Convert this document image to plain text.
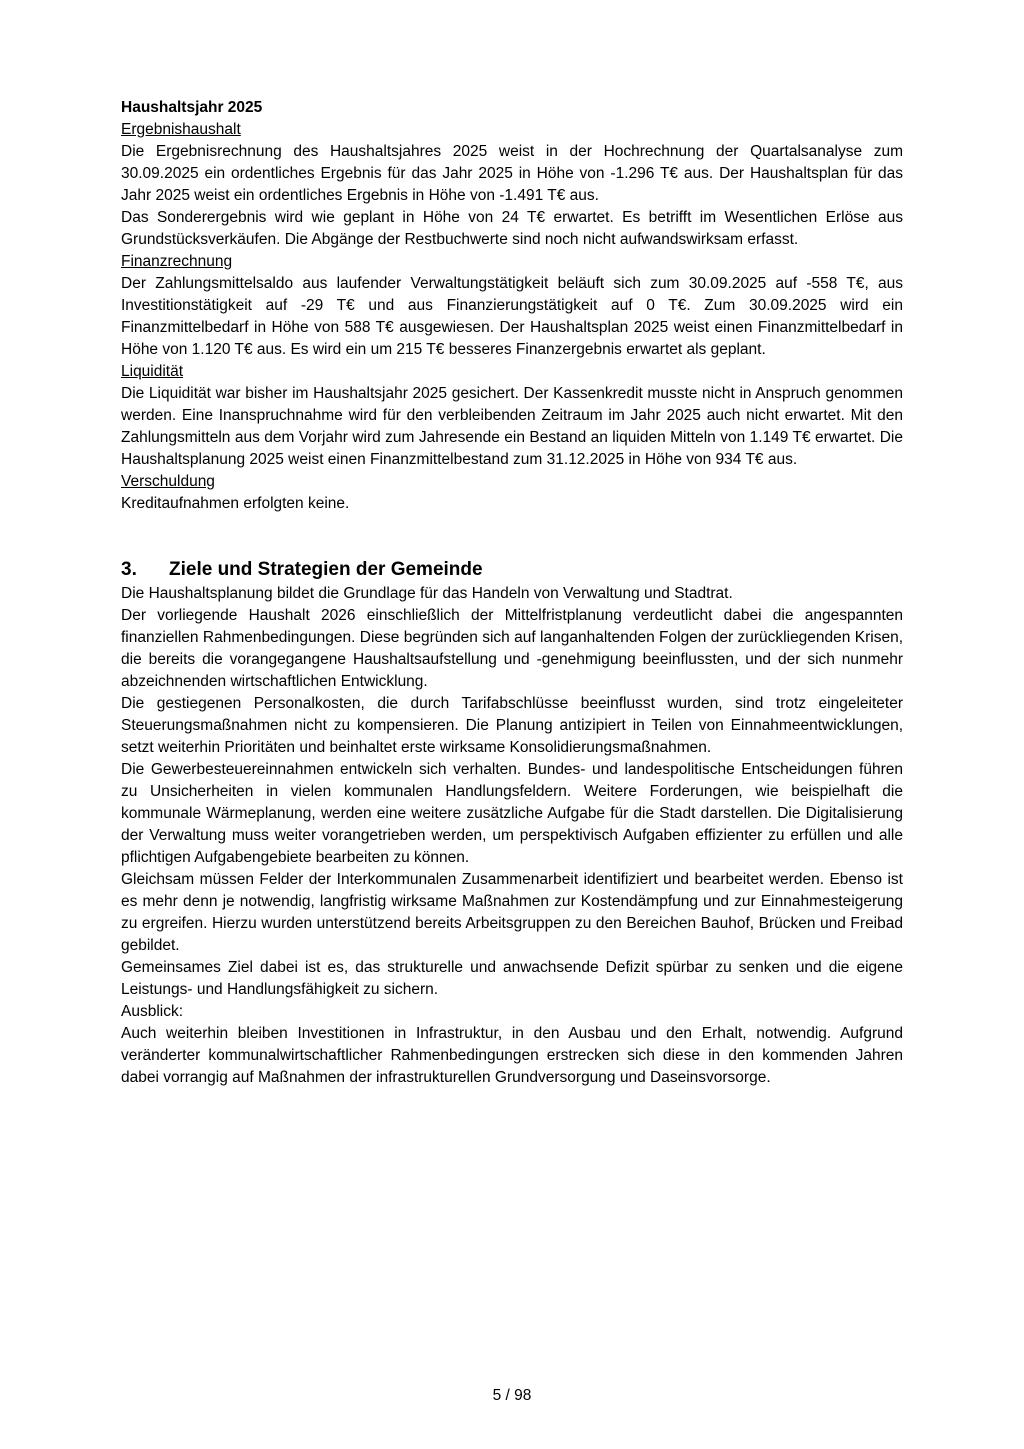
Haushaltsjahr 2025

Ergebnishaushalt

Die Ergebnisrechnung des Haushaltsjahres 2025 weist in der Hochrechnung der Quartalsanalyse zum 30.09.2025 ein ordentliches Ergebnis für das Jahr 2025 in Höhe von -1.296 T€ aus. Der Haushaltsplan für das Jahr 2025 weist ein ordentliches Ergebnis in Höhe von -1.491 T€ aus.

Das Sonderergebnis wird wie geplant in Höhe von 24 T€ erwartet. Es betrifft im Wesentlichen Erlöse aus Grundstücksverkäufen. Die Abgänge der Restbuchwerte sind noch nicht aufwandswirksam erfasst.

Finanzrechnung

Der Zahlungsmittelsaldo aus laufender Verwaltungstätigkeit beläuft sich zum 30.09.2025 auf -558 T€, aus Investitionstätigkeit auf -29 T€ und aus Finanzierungstätigkeit auf 0 T€. Zum 30.09.2025 wird ein Finanzmittelbedarf in Höhe von 588 T€ ausgewiesen. Der Haushaltsplan 2025 weist einen Finanzmittelbedarf in Höhe von 1.120 T€ aus. Es wird ein um 215 T€ besseres Finanzergebnis erwartet als geplant.

Liquidität

Die Liquidität war bisher im Haushaltsjahr 2025 gesichert. Der Kassenkredit musste nicht in Anspruch genommen werden. Eine Inanspruchnahme wird für den verbleibenden Zeitraum im Jahr 2025 auch nicht erwartet. Mit den Zahlungsmitteln aus dem Vorjahr wird zum Jahresende ein Bestand an liquiden Mitteln von 1.149 T€ erwartet. Die Haushaltsplanung 2025 weist einen Finanzmittelbestand zum 31.12.2025 in Höhe von 934 T€ aus.

Verschuldung

Kreditaufnahmen erfolgten keine.

3.	Ziele und Strategien der Gemeinde

Die Haushaltsplanung bildet die Grundlage für das Handeln von Verwaltung und Stadtrat.

Der vorliegende Haushalt 2026 einschließlich der Mittelfristplanung verdeutlicht dabei die angespannten finanziellen Rahmenbedingungen. Diese begründen sich auf langanhaltenden Folgen der zurückliegenden Krisen, die bereits die vorangegangene Haushaltsaufstellung und -genehmigung beeinflussten, und der sich nunmehr abzeichnenden wirtschaftlichen Entwicklung.

Die gestiegenen Personalkosten, die durch Tarifabschlüsse beeinflusst wurden, sind trotz eingeleiteter Steuerungsmaßnahmen nicht zu kompensieren. Die Planung antizipiert in Teilen von Einnahmeentwicklungen, setzt weiterhin Prioritäten und beinhaltet erste wirksame Konsolidierungsmaßnahmen.

Die Gewerbesteuereinnahmen entwickeln sich verhalten. Bundes- und landespolitische Entscheidungen führen zu Unsicherheiten in vielen kommunalen Handlungsfeldern. Weitere Forderungen, wie beispielhaft die kommunale Wärmeplanung, werden eine weitere zusätzliche Aufgabe für die Stadt darstellen. Die Digitalisierung der Verwaltung muss weiter vorangetrieben werden, um perspektivisch Aufgaben effizienter zu erfüllen und alle pflichtigen Aufgabengebiete bearbeiten zu können.

Gleichsam müssen Felder der Interkommunalen Zusammenarbeit identifiziert und bearbeitet werden. Ebenso ist es mehr denn je notwendig, langfristig wirksame Maßnahmen zur Kostendämpfung und zur Einnahmesteigerung zu ergreifen. Hierzu wurden unterstützend bereits Arbeitsgruppen zu den Bereichen Bauhof, Brücken und Freibad gebildet.

Gemeinsames Ziel dabei ist es, das strukturelle und anwachsende Defizit spürbar zu senken und die eigene Leistungs- und Handlungsfähigkeit zu sichern.

Ausblick:

Auch weiterhin bleiben Investitionen in Infrastruktur, in den Ausbau und den Erhalt, notwendig. Aufgrund veränderter kommunalwirtschaftlicher Rahmenbedingungen erstrecken sich diese in den kommenden Jahren dabei vorrangig auf Maßnahmen der infrastrukturellen Grundversorgung und Daseinsvorsorge.

5 / 98
